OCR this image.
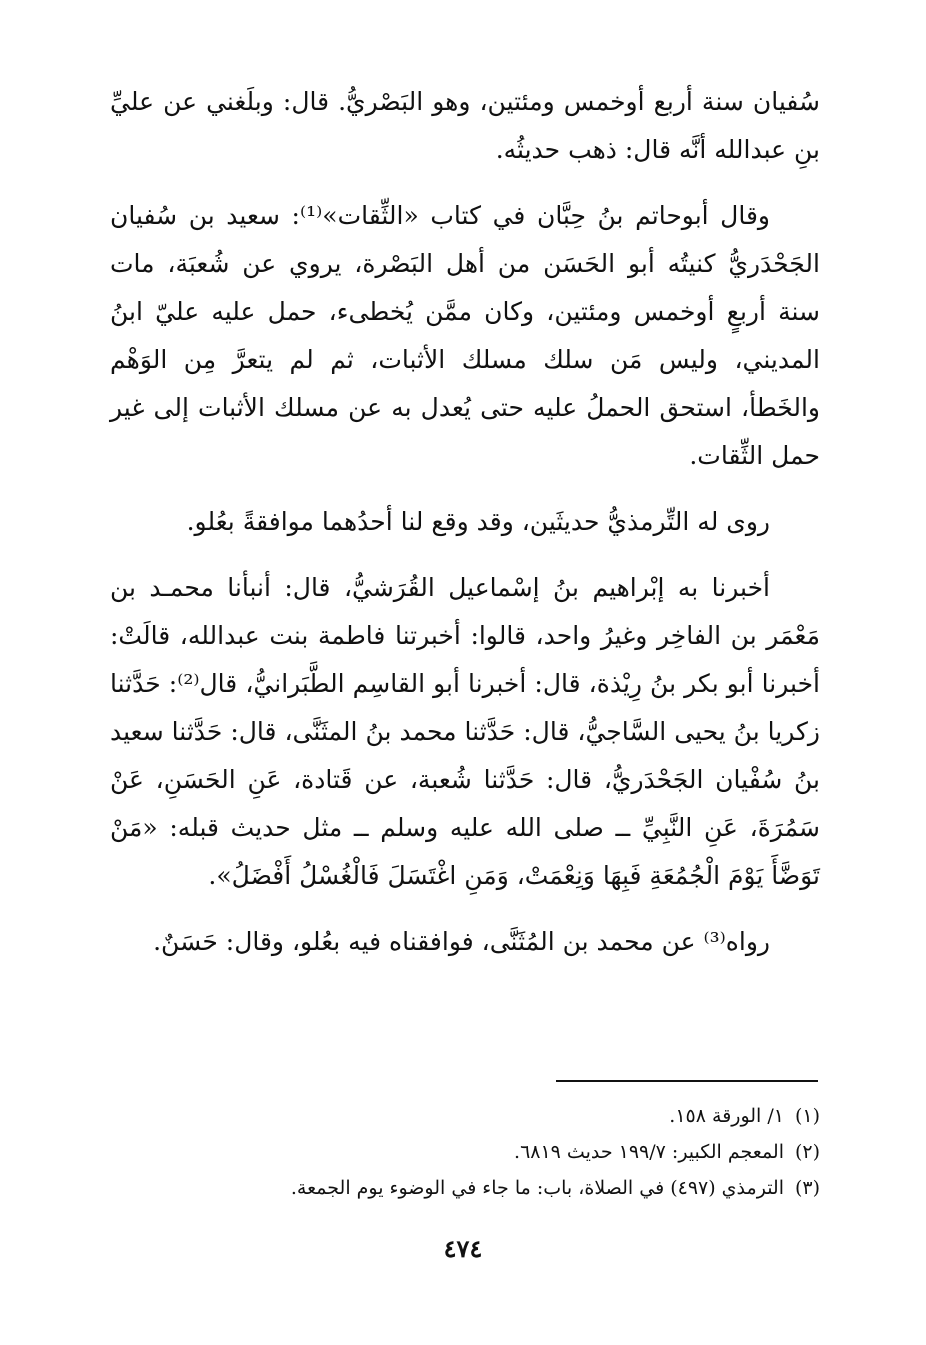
سُفيان سنة أربع أوخمس ومئتين، وهو البَصْريُّ. قال: وبلَغني عن عليِّ بنِ عبدالله أنَّه قال: ذهب حديثُه.

وقال أبوحاتم بنُ حِبَّان في كتاب «الثِّقات»⁽¹⁾: سعيد بن سُفيان الجَحْدَريُّ كنيتُه أبو الحَسَن من أهل البَصْرة، يروي عن شُعبَة، مات سنة أربعٍ أوخمس ومئتين، وكان ممَّن يُخطىء، حمل عليه عليّ ابنُ المديني، وليس مَن سلك مسلك الأثبات، ثم لم يتعرَّ مِن الوَهْم والخَطأ، استحق الحملُ عليه حتى يُعدل به عن مسلك الأثبات إلى غير حمل الثِّقات.

روى له التِّرمذيُّ حديثَين، وقد وقع لنا أحدُهما موافقةً بعُلو.

أخبرنا به إبْراهيم بنُ إسْماعيل القُرَشيُّ، قال: أنبأنا محمـد بن مَعْمَر بن الفاخِر وغيرُ واحد، قالوا: أخبرتنا فاطمة بنت عبدالله، قالَتْ: أخبرنا أبو بكر بنُ رِيْذة، قال: أخبرنا أبو القاسِم الطَّبَرانيُّ، قال⁽²⁾: حَدَّثنا زكريا بنُ يحيى السَّاجيُّ، قال: حَدَّثنا محمد بنُ المثَنَّى، قال: حَدَّثنا سعيد بنُ سُفْيان الجَحْدَريُّ، قال: حَدَّثنا شُعبة، عن قَتادة، عَنِ الحَسَنِ، عَنْ سَمُرَةَ، عَنِ النَّبِيِّ ــ صلى الله عليه وسلم ــ مثل حديث قبله: «مَنْ تَوَضَّأَ يَوْمَ الْجُمُعَةِ فَبِهَا وَنِعْمَتْ، وَمَنِ اغْتَسَلَ فَالْغُسْلُ أَفْضَلُ».

رواه⁽³⁾ عن محمد بن المُثَنَّى، فوافقناه فيه بعُلو، وقال: حَسَنٌ.

(١)
١/ الورقة ١٥٨.
(٢)
المعجم الكبير: ١٩٩/٧ حديث ٦٨١٩.
(٣)
الترمذي (٤٩٧) في الصلاة، باب: ما جاء في الوضوء يوم الجمعة.
٤٧٤
